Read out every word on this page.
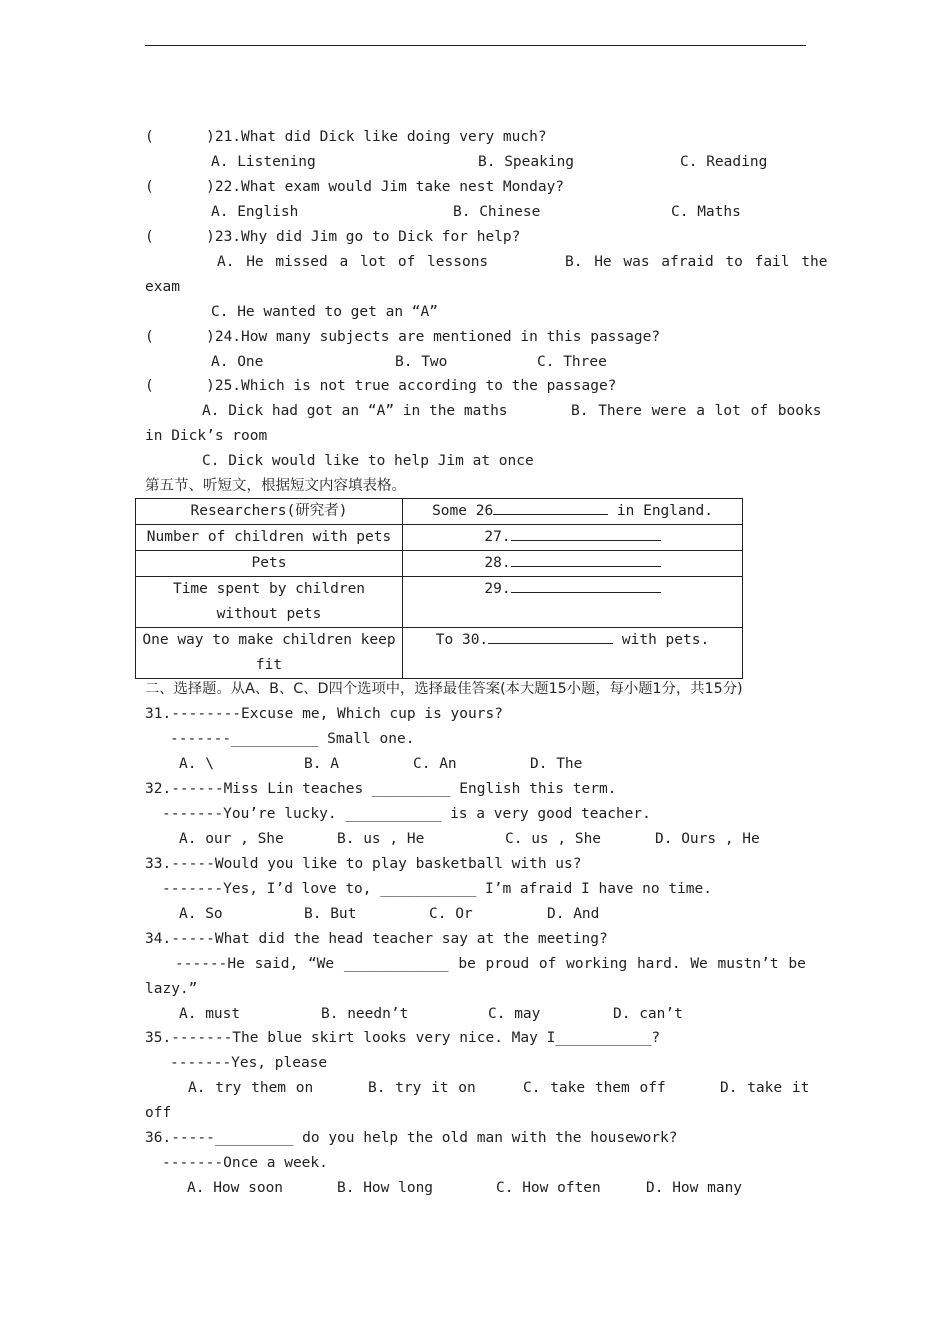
(      )21.What did Dick like doing very much?
A. Listening	B. Speaking	C. Reading
(      )22.What exam would Jim take nest Monday?
A. English	B. Chinese	C. Maths
(      )23.Why did Jim go to Dick for help?
A. He missed a lot of lessons	B. He was afraid to fail the
exam
C. He wanted to get an “A”
(      )24.How many subjects are mentioned in this passage?
A. One	B. Two	C. Three
(      )25.Which is not true according to the passage?
A. Dick had got an “A” in the maths	B. There were a lot of books
in Dick’s room
C. Dick would like to help Jim at once
第五节、听短文，根据短文内容填表格。
Researchers(研究者)	Some 26 in England.
Number of children with pets	27.
Pets	28.

Time spent by children
without pets	29.

One way to make children keep
fit	To 30. with pets.
二、选择题。从A、B、C、D四个选项中，选择最佳答案(本大题15小题，每小题1分，共15分)
31.--------Excuse me, Which cup is yours?
-------__________ Small one.
A. \	B. A	C. An	D. The
32.------Miss Lin teaches _________ English this term.
-------You’re lucky. ___________ is a very good teacher.
A. our , She	B. us , He	C. us , She	D. Ours , He
33.-----Would you like to play basketball with us?
-------Yes, I’d love to, ___________ I’m afraid I have no time.
A. So	B. But	C. Or	D. And
34.-----What did the head teacher say at the meeting?
------He said, “We ____________ be proud of working hard. We mustn’t be
lazy.”
A. must	B. needn’t	C. may	D. can’t
35.-------The blue skirt looks very nice. May I___________?
-------Yes, please
A. try them on	B. try it on	C. take them off	D. take it
off
36.-----_________ do you help the old man with the housework?
-------Once a week.
A. How soon	B. How long	C. How often	D. How many
